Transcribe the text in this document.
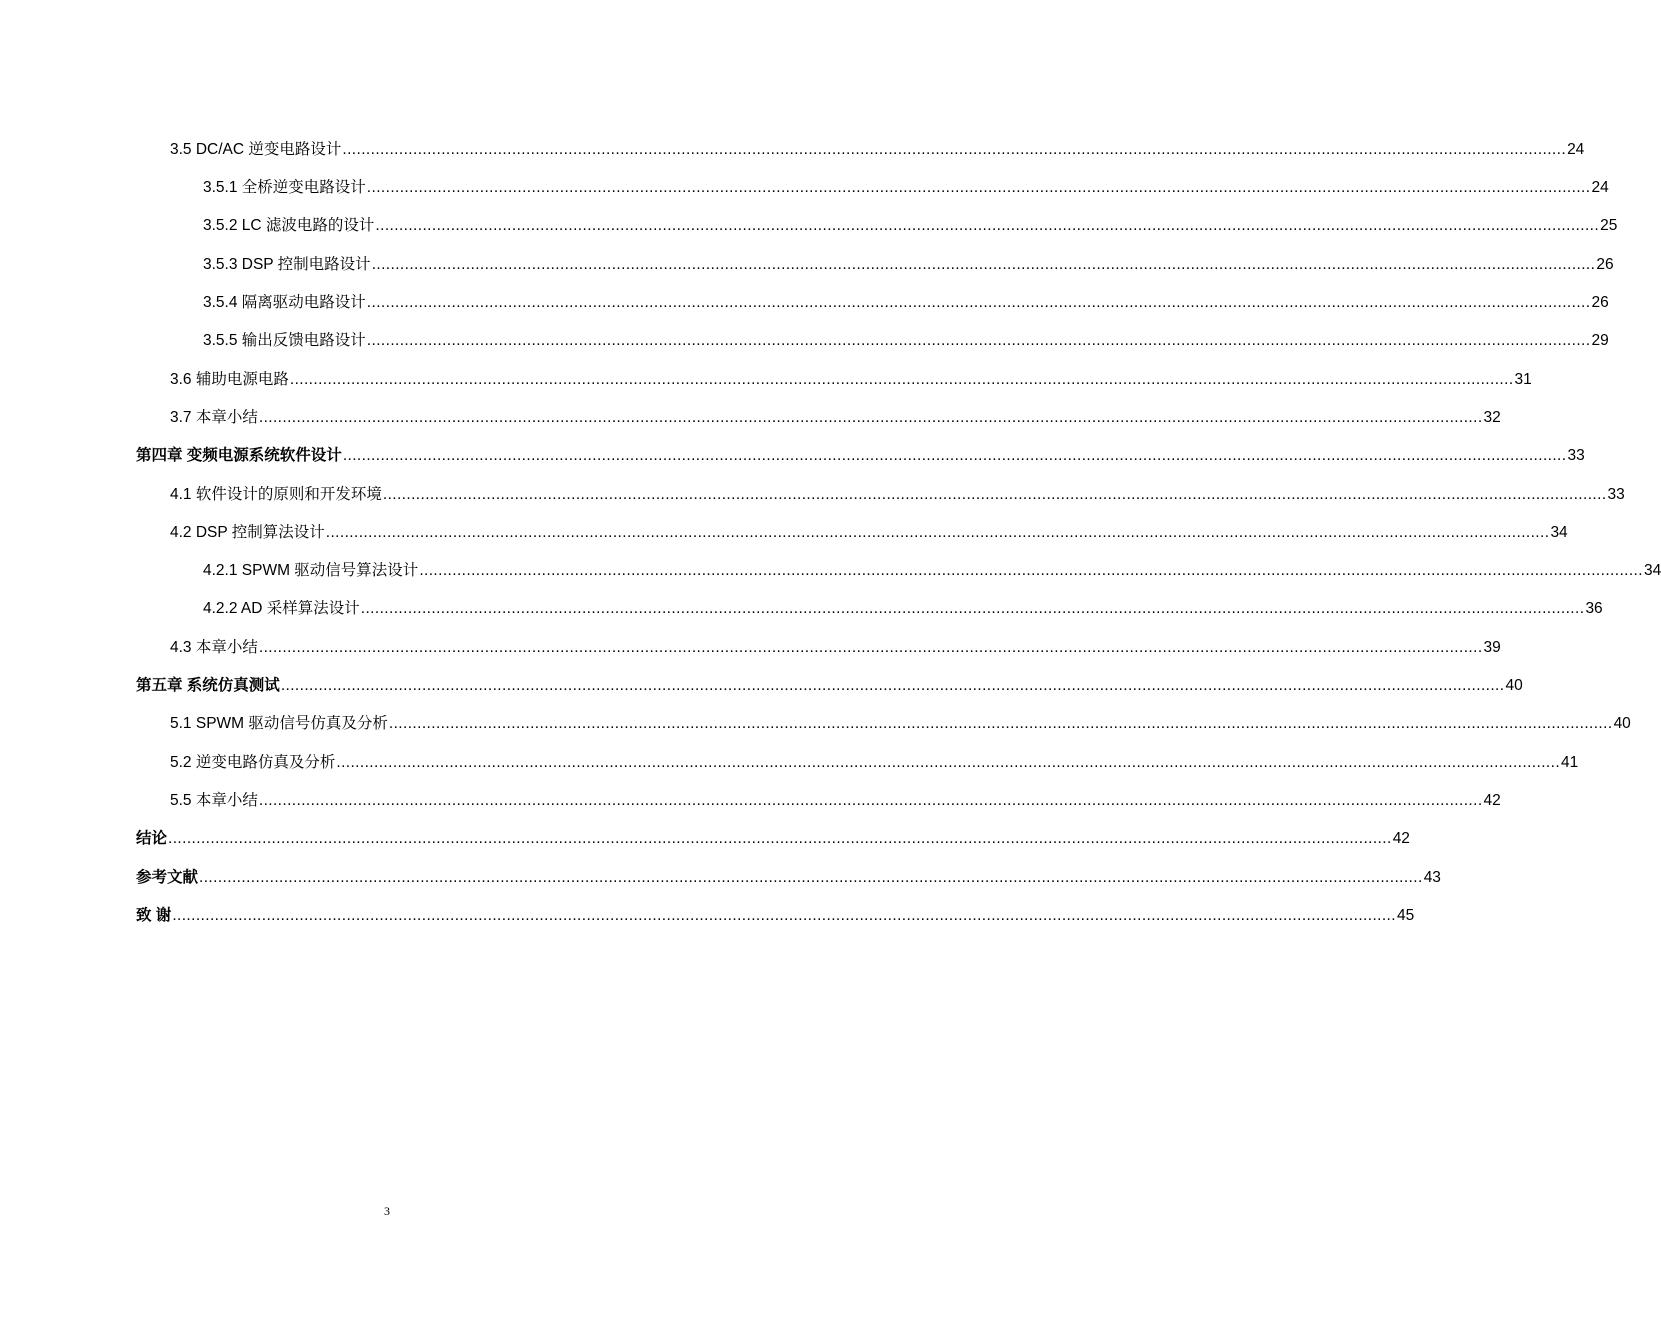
3.5 DC/AC 逆变电路设计 .................................................................................................................................................................................................................................................................... 24
3.5.1 全桥逆变电路设计 .................................................................................................................................................................................................................................................................... 24
3.5.2 LC 滤波电路的设计 .................................................................................................................................................................................................................................................................... 25
3.5.3 DSP 控制电路设计 .................................................................................................................................................................................................................................................................... 26
3.5.4 隔离驱动电路设计 .................................................................................................................................................................................................................................................................... 26
3.5.5 输出反馈电路设计 .................................................................................................................................................................................................................................................................... 29
3.6 辅助电源电路 .................................................................................................................................................................................................................................................................... 31
3.7 本章小结 .................................................................................................................................................................................................................................................................... 32
第四章 变频电源系统软件设计 .................................................................................................................................................................................................................................................................... 33
4.1 软件设计的原则和开发环境 .................................................................................................................................................................................................................................................................... 33
4.2 DSP 控制算法设计 .................................................................................................................................................................................................................................................................... 34
4.2.1 SPWM 驱动信号算法设计 .................................................................................................................................................................................................................................................................... 34
4.2.2 AD 采样算法设计 .................................................................................................................................................................................................................................................................... 36
4.3 本章小结 .................................................................................................................................................................................................................................................................... 39
第五章 系统仿真测试 .................................................................................................................................................................................................................................................................... 40
5.1 SPWM 驱动信号仿真及分析 .................................................................................................................................................................................................................................................................... 40
5.2 逆变电路仿真及分析 .................................................................................................................................................................................................................................................................... 41
5.5 本章小结 .................................................................................................................................................................................................................................................................... 42
结论 .................................................................................................................................................................................................................................................................... 42
参考文献 .................................................................................................................................................................................................................................................................... 43
致 谢 .................................................................................................................................................................................................................................................................... 45
3
